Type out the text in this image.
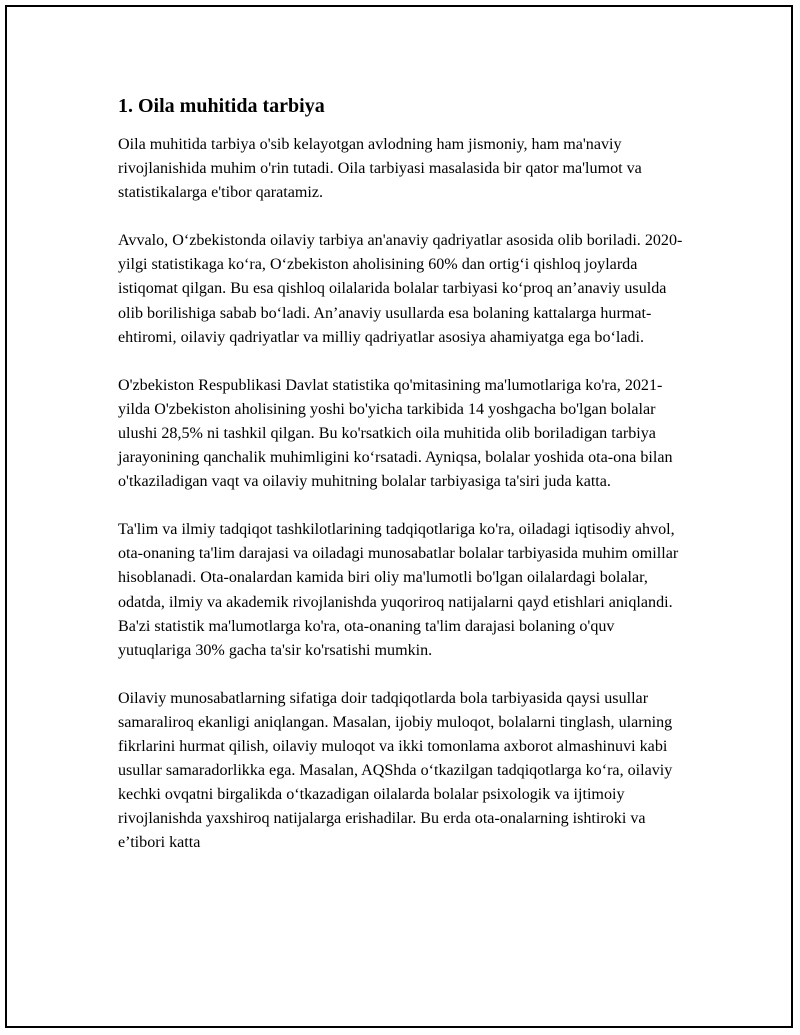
1. Oila muhitida tarbiya

Oila muhitida tarbiya o'sib kelayotgan avlodning ham jismoniy, ham ma'naviy rivojlanishida muhim o'rin tutadi. Oila tarbiyasi masalasida bir qator ma'lumot va statistikalarga e'tibor qaratamiz.

Avvalo, O‘zbekistonda oilaviy tarbiya an'anaviy qadriyatlar asosida olib boriladi. 2020-yilgi statistikaga ko‘ra, O‘zbekiston aholisining 60% dan ortig‘i qishloq joylarda istiqomat qilgan. Bu esa qishloq oilalarida bolalar tarbiyasi ko‘proq an’anaviy usulda olib borilishiga sabab bo‘ladi. An’anaviy usullarda esa bolaning kattalarga hurmat-ehtiromi, oilaviy qadriyatlar va milliy qadriyatlar asosiya ahamiyatga ega bo‘ladi.

O'zbekiston Respublikasi Davlat statistika qo'mitasining ma'lumotlariga ko'ra, 2021-yilda O'zbekiston aholisining yoshi bo'yicha tarkibida 14 yoshgacha bo'lgan bolalar ulushi 28,5% ni tashkil qilgan. Bu ko'rsatkich oila muhitida olib boriladigan tarbiya jarayonining qanchalik muhimligini ko‘rsatadi. Ayniqsa, bolalar yoshida ota-ona bilan o'tkaziladigan vaqt va oilaviy muhitning bolalar tarbiyasiga ta'siri juda katta.

Ta'lim va ilmiy tadqiqot tashkilotlarining tadqiqotlariga ko'ra, oiladagi iqtisodiy ahvol, ota-onaning ta'lim darajasi va oiladagi munosabatlar bolalar tarbiyasida muhim omillar hisoblanadi. Ota-onalardan kamida biri oliy ma'lumotli bo'lgan oilalardagi bolalar, odatda, ilmiy va akademik rivojlanishda yuqoriroq natijalarni qayd etishlari aniqlandi. Ba'zi statistik ma'lumotlarga ko'ra, ota-onaning ta'lim darajasi bolaning o'quv yutuqlariga 30% gacha ta'sir ko'rsatishi mumkin.

Oilaviy munosabatlarning sifatiga doir tadqiqotlarda bola tarbiyasida qaysi usullar samaraliroq ekanligi aniqlangan. Masalan, ijobiy muloqot, bolalarni tinglash, ularning fikrlarini hurmat qilish, oilaviy muloqot va ikki tomonlama axborot almashinuvi kabi usullar samaradorlikka ega. Masalan, AQShda o‘tkazilgan tadqiqotlarga ko‘ra, oilaviy kechki ovqatni birgalikda o‘tkazadigan oilalarda bolalar psixologik va ijtimoiy rivojlanishda yaxshiroq natijalarga erishadilar. Bu erda ota-onalarning ishtiroki va e’tibori katta
